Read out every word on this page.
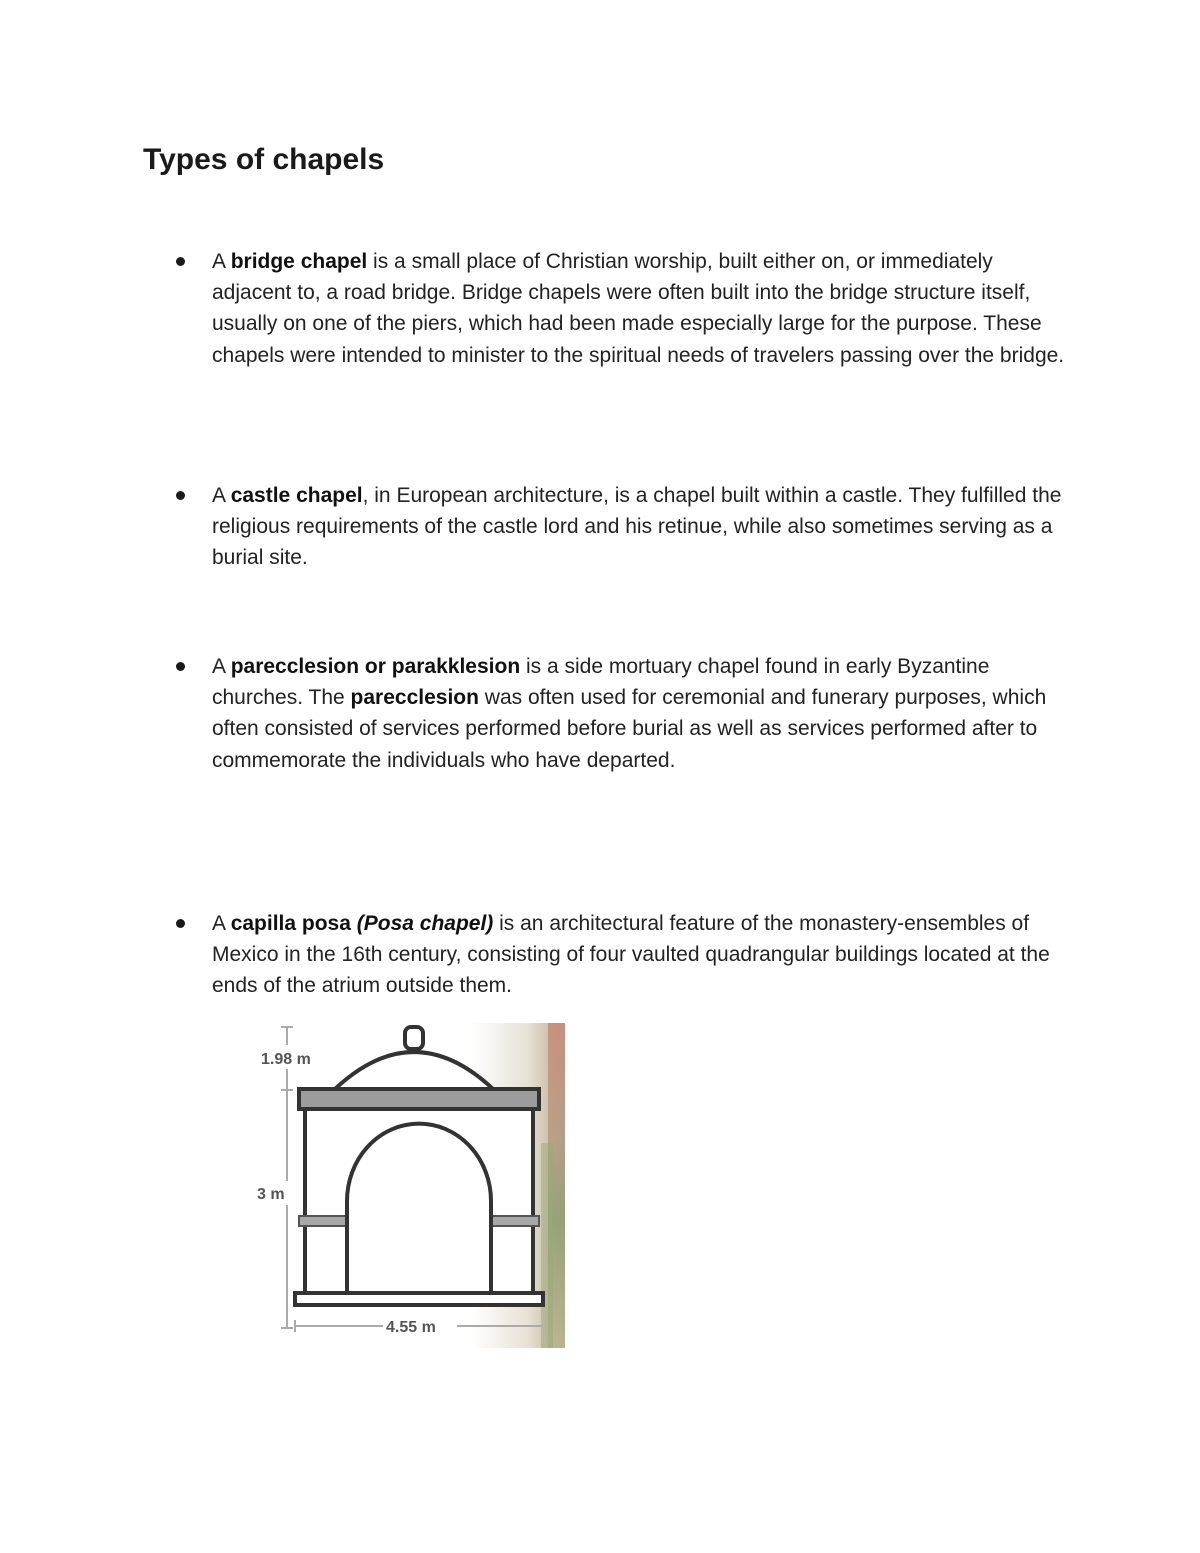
Types of chapels

A bridge chapel is a small place of Christian worship, built either on, or immediately adjacent to, a road bridge. Bridge chapels were often built into the bridge structure itself, usually on one of the piers, which had been made especially large for the purpose. These chapels were intended to minister to the spiritual needs of travelers passing over the bridge.

A castle chapel, in European architecture, is a chapel built within a castle. They fulfilled the religious requirements of the castle lord and his retinue, while also sometimes serving as a burial site.

A parecclesion or parakklesion is a side mortuary chapel found in early Byzantine churches. The parecclesion was often used for ceremonial and funerary purposes, which often consisted of services performed before burial as well as services performed after to commemorate the individuals who have departed.

A capilla posa (Posa chapel) is an architectural feature of the monastery-ensembles of Mexico in the 16th century, consisting of four vaulted quadrangular buildings located at the ends of the atrium outside them.

1.98 m
3 m
4.55 m
